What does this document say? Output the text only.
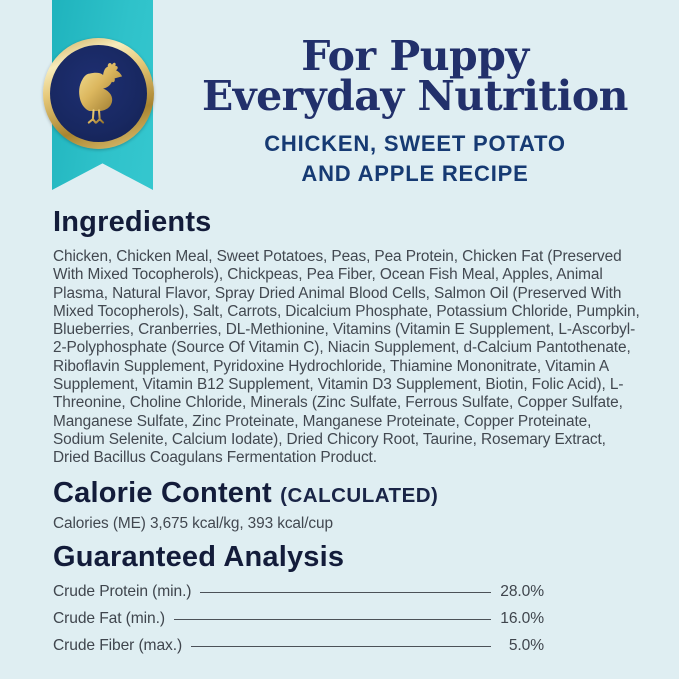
For Puppy
Everyday Nutrition
CHICKEN, SWEET POTATO
AND APPLE RECIPE
Ingredients

Chicken, Chicken Meal, Sweet Potatoes, Peas, Pea Protein, Chicken Fat (Preserved With Mixed Tocopherols), Chickpeas, Pea Fiber, Ocean Fish Meal, Apples, Animal Plasma, Natural Flavor, Spray Dried Animal Blood Cells, Salmon Oil (Preserved With Mixed Tocopherols), Salt, Carrots, Dicalcium Phosphate, Potassium Chloride, Pumpkin, Blueberries, Cranberries, DL-Methionine, Vitamins (Vitamin E Supplement, L-Ascorbyl-2-Polyphosphate (Source Of Vitamin C), Niacin Supplement, d-Calcium Pantothenate, Riboflavin Supplement, Pyridoxine Hydrochloride, Thiamine Mononitrate, Vitamin A Supplement, Vitamin B12 Supplement, Vitamin D3 Supplement, Biotin, Folic Acid), L-Threonine, Choline Chloride, Minerals (Zinc Sulfate, Ferrous Sulfate, Copper Sulfate, Manganese Sulfate, Zinc Proteinate, Manganese Proteinate, Copper Proteinate, Sodium Selenite, Calcium Iodate), Dried Chicory Root, Taurine, Rosemary Extract, Dried Bacillus Coagulans Fermentation Product.

Calorie Content (CALCULATED)

Calories (ME) 3,675 kcal/kg, 393 kcal/cup

Guaranteed Analysis
Crude Protein (min.)	28.0%
Crude Fat (min.)	16.0%
Crude Fiber (max.)	5.0%
